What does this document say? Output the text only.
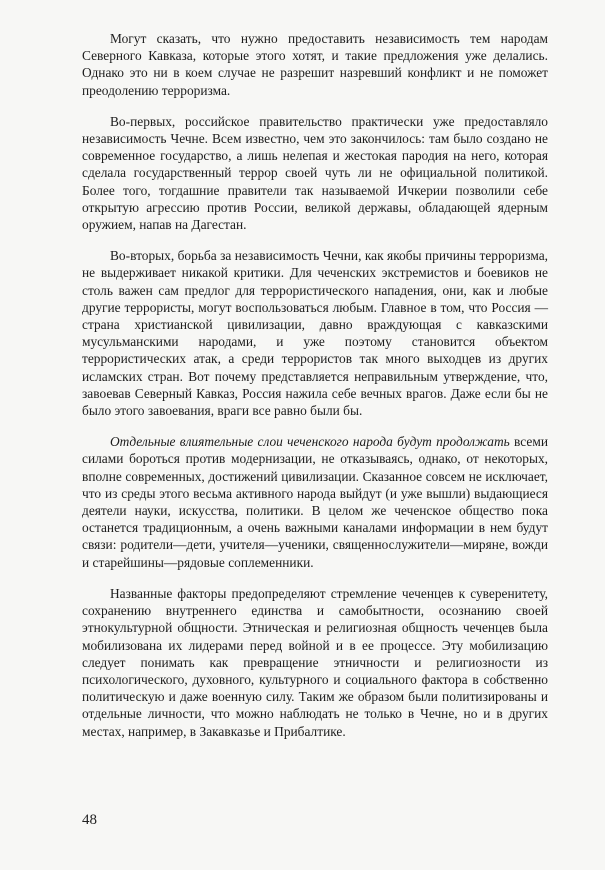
Могут сказать, что нужно предоставить независимость тем народам Северного Кавказа, которые этого хотят, и такие предложения уже делались. Однако это ни в коем случае не разрешит назревший конфликт и не поможет преодолению терроризма.

Во-первых, российское правительство практически уже предоставляло независимость Чечне. Всем известно, чем это закончилось: там было создано не современное государство, а лишь нелепая и жестокая пародия на него, которая сделала государственный террор своей чуть ли не официальной политикой. Более того, тогдашние правители так называемой Ичкерии позволили себе открытую агрессию против России, великой державы, обладающей ядерным оружием, напав на Дагестан.

Во-вторых, борьба за независимость Чечни, как якобы причины терроризма, не выдерживает никакой критики. Для чеченских экстремистов и боевиков не столь важен сам предлог для террористического нападения, они, как и любые другие террористы, могут воспользоваться любым. Главное в том, что Россия — страна христианской цивилизации, давно враждующая с кавказскими мусульманскими народами, и уже поэтому становится объектом террористических атак, а среди террористов так много выходцев из других исламских стран. Вот почему представляется неправильным утверждение, что, завоевав Северный Кавказ, Россия нажила себе вечных врагов. Даже если бы не было этого завоевания, враги все равно были бы.

Отдельные влиятельные слои чеченского народа будут продолжать всеми силами бороться против модернизации, не отказываясь, однако, от некоторых, вполне современных, достижений цивилизации. Сказанное совсем не исключает, что из среды этого весьма активного народа выйдут (и уже вышли) выдающиеся деятели науки, искусства, политики. В целом же чеченское общество пока останется традиционным, а очень важными каналами информации в нем будут связи: родители—дети, учителя—ученики, священнослужители—миряне, вожди и старейшины—рядовые соплеменники.

Названные факторы предопределяют стремление чеченцев к суверенитету, сохранению внутреннего единства и самобытности, осознанию своей этнокультурной общности. Этническая и религиозная общность чеченцев была мобилизована их лидерами перед войной и в ее процессе. Эту мобилизацию следует понимать как превращение этничности и религиозности из психологического, духовного, культурного и социального фактора в собственно политическую и даже военную силу. Таким же образом были политизированы и отдельные личности, что можно наблюдать не только в Чечне, но и в других местах, например, в Закавказье и Прибалтике.

48
